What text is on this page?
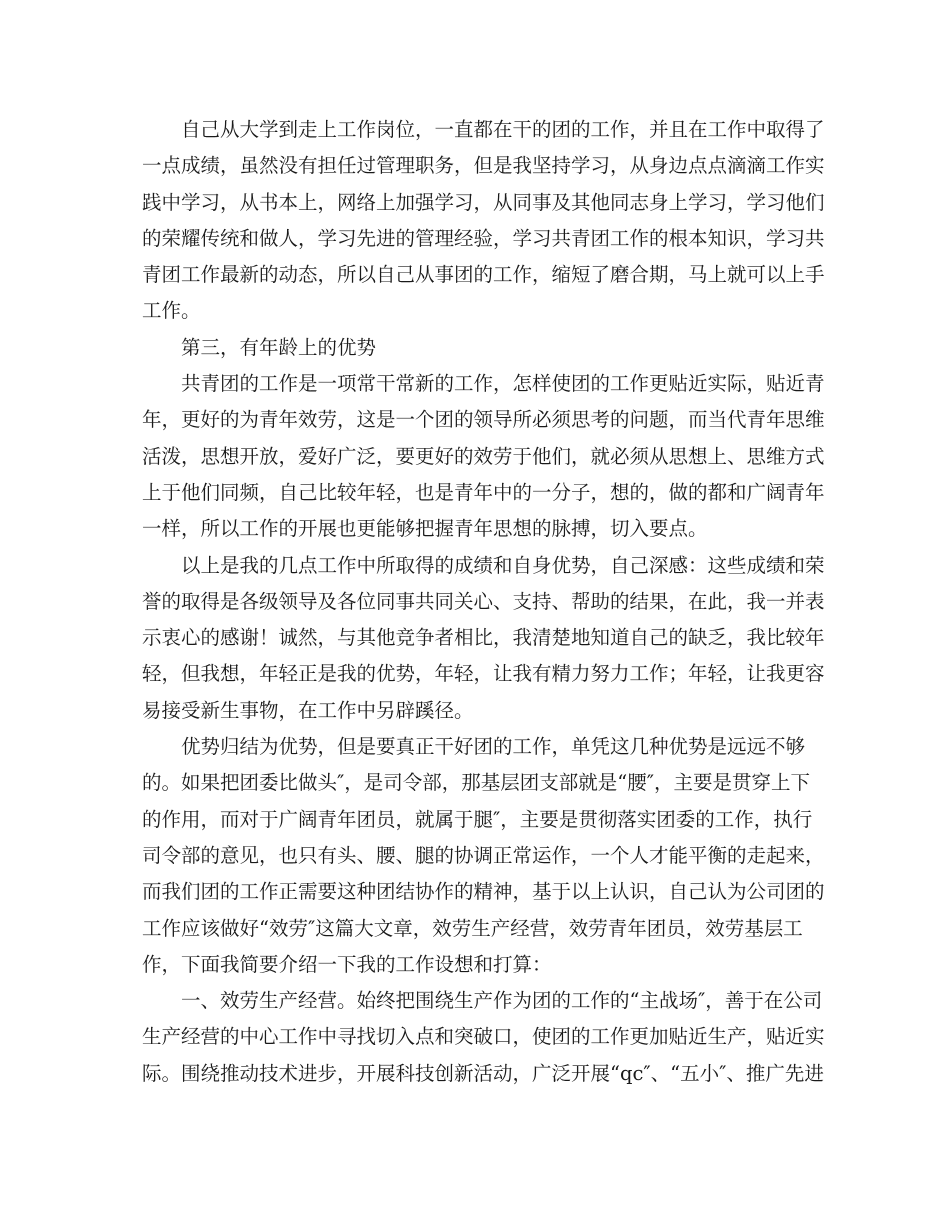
自己从大学到走上工作岗位，一直都在干的团的工作，并且在工作中取得了
一点成绩，虽然没有担任过管理职务，但是我坚持学习，从身边点点滴滴工作实
践中学习，从书本上，网络上加强学习，从同事及其他同志身上学习，学习他们
的荣耀传统和做人，学习先进的管理经验，学习共青团工作的根本知识，学习共
青团工作最新的动态，所以自己从事团的工作，缩短了磨合期，马上就可以上手
工作。
第三，有年龄上的优势
共青团的工作是一项常干常新的工作，怎样使团的工作更贴近实际，贴近青
年，更好的为青年效劳，这是一个团的领导所必须思考的问题，而当代青年思维
活泼，思想开放，爱好广泛，要更好的效劳于他们，就必须从思想上、思维方式
上于他们同频，自己比较年轻，也是青年中的一分子，想的，做的都和广阔青年
一样，所以工作的开展也更能够把握青年思想的脉搏，切入要点。
以上是我的几点工作中所取得的成绩和自身优势，自己深感：这些成绩和荣
誉的取得是各级领导及各位同事共同关心、支持、帮助的结果，在此，我一并表
示衷心的感谢！诚然，与其他竞争者相比，我清楚地知道自己的缺乏，我比较年
轻，但我想，年轻正是我的优势，年轻，让我有精力努力工作；年轻，让我更容
易接受新生事物，在工作中另辟蹊径。
优势归结为优势，但是要真正干好团的工作，单凭这几种优势是远远不够
的。如果把团委比做头″，是司令部，那基层团支部就是“腰″，主要是贯穿上下
的作用，而对于广阔青年团员，就属于腿″，主要是贯彻落实团委的工作，执行
司令部的意见，也只有头、腰、腿的协调正常运作，一个人才能平衡的走起来，
而我们团的工作正需要这种团结协作的精神，基于以上认识，自己认为公司团的
工作应该做好“效劳″这篇大文章，效劳生产经营，效劳青年团员，效劳基层工
作，下面我简要介绍一下我的工作设想和打算：
一、效劳生产经营。始终把围绕生产作为团的工作的“主战场″，善于在公司
生产经营的中心工作中寻找切入点和突破口，使团的工作更加贴近生产，贴近实
际。围绕推动技术进步，开展科技创新活动，广泛开展“qc″、“五小″、推广先进
